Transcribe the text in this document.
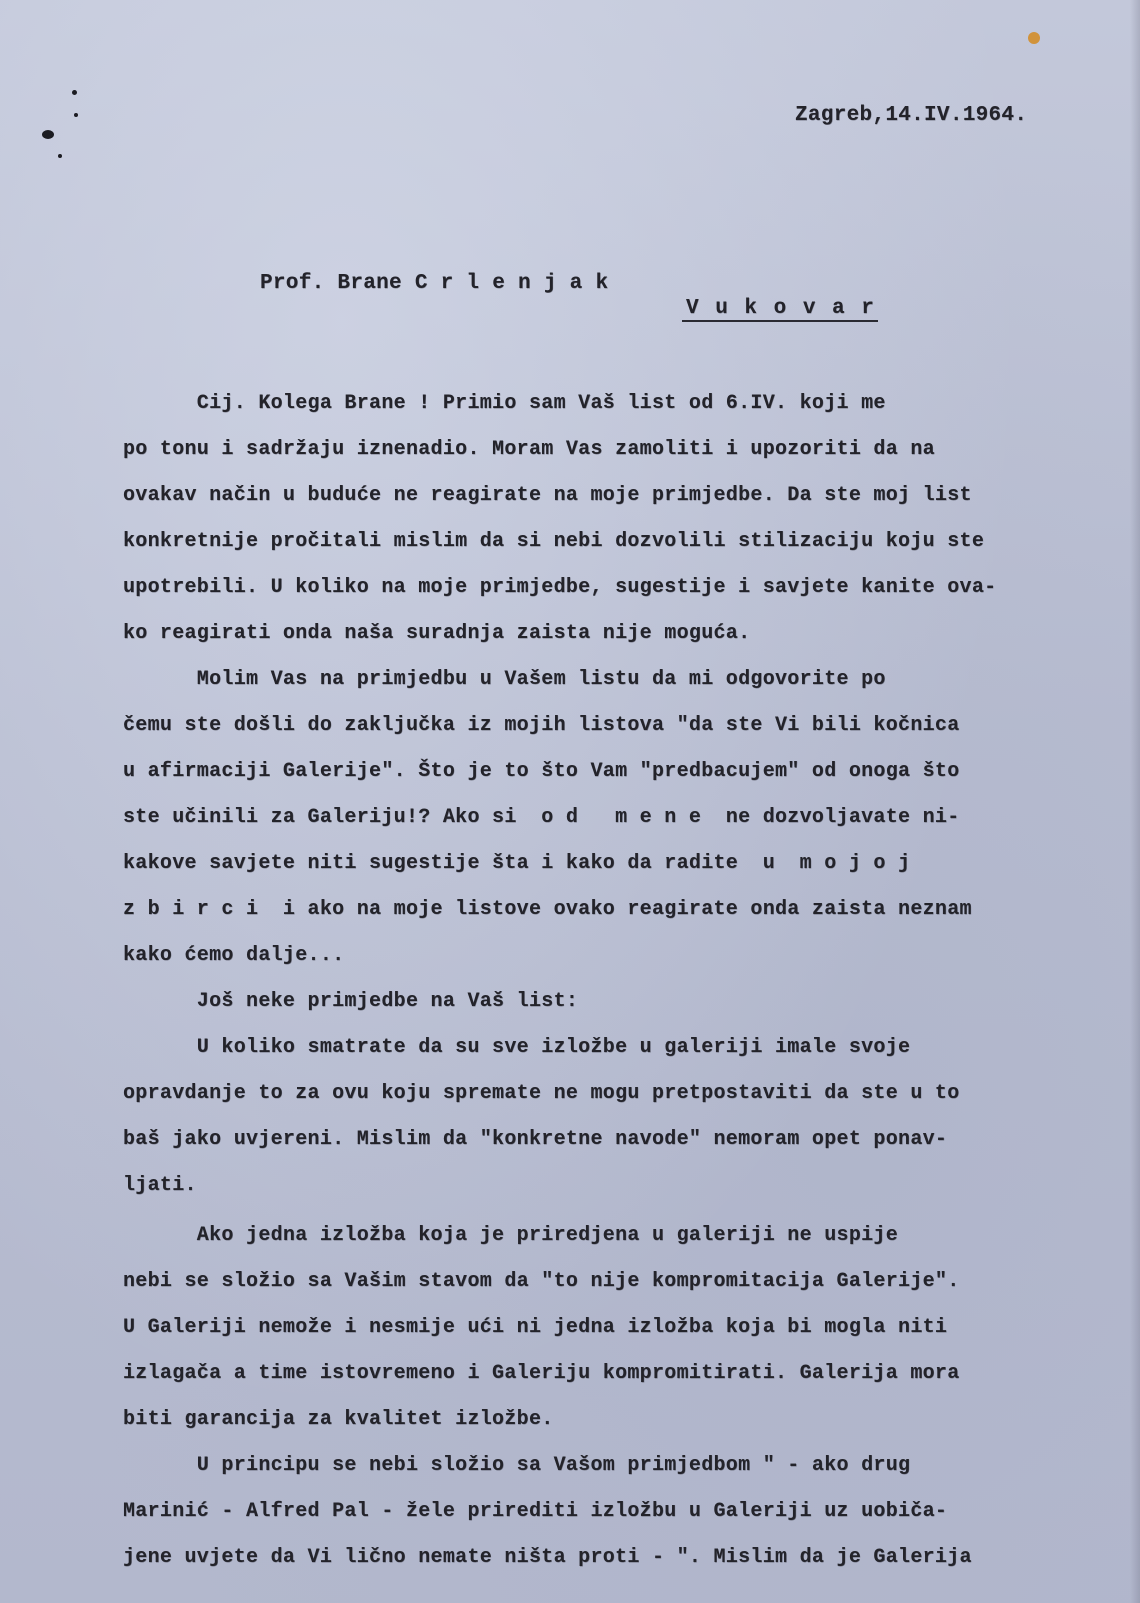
Zagreb,14.IV.1964.
Prof. Brane C r l e n j a k
V u k o v a r
Cij. Kolega Brane ! Primio sam Vaš list od 6.IV. koji me
po tonu i sadržaju iznenadio. Moram Vas zamoliti i upozoriti da na
ovakav način u buduće ne reagirate na moje primjedbe. Da ste moj list
konkretnije pročitali mislim da si nebi dozvolili stilizaciju koju ste
upotrebili. U koliko na moje primjedbe, sugestije i savjete kanite ova-
ko reagirati onda naša suradnja zaista nije moguća.
Molim Vas na primjedbu u Vašem listu da mi odgovorite po
čemu ste došli do zaključka iz mojih listova "da ste Vi bili kočnica
u afirmaciji Galerije". Što je to što Vam "predbacujem" od onoga što
ste učinili za Galeriju!? Ako si  o d   m e n e  ne dozvoljavate ni-
kakove savjete niti sugestije šta i kako da radite  u  m o j o j
z b i r c i  i ako na moje listove ovako reagirate onda zaista neznam
kako ćemo dalje...
Još neke primjedbe na Vaš list:
U koliko smatrate da su sve izložbe u galeriji imale svoje
opravdanje to za ovu koju spremate ne mogu pretpostaviti da ste u to
baš jako uvjereni. Mislim da "konkretne navode" nemoram opet ponav-
ljati.
Ako jedna izložba koja je priredjena u galeriji ne uspije
nebi se složio sa Vašim stavom da "to nije kompromitacija Galerije".
U Galeriji nemože i nesmije ući ni jedna izložba koja bi mogla niti
izlagača a time istovremeno i Galeriju kompromitirati. Galerija mora
biti garancija za kvalitet izložbe.
U principu se nebi složio sa Vašom primjedbom " - ako drug
Marinić - Alfred Pal - žele prirediti izložbu u Galeriji uz uobiča-
jene uvjete da Vi lično nemate ništa proti - ". Mislim da je Galerija
